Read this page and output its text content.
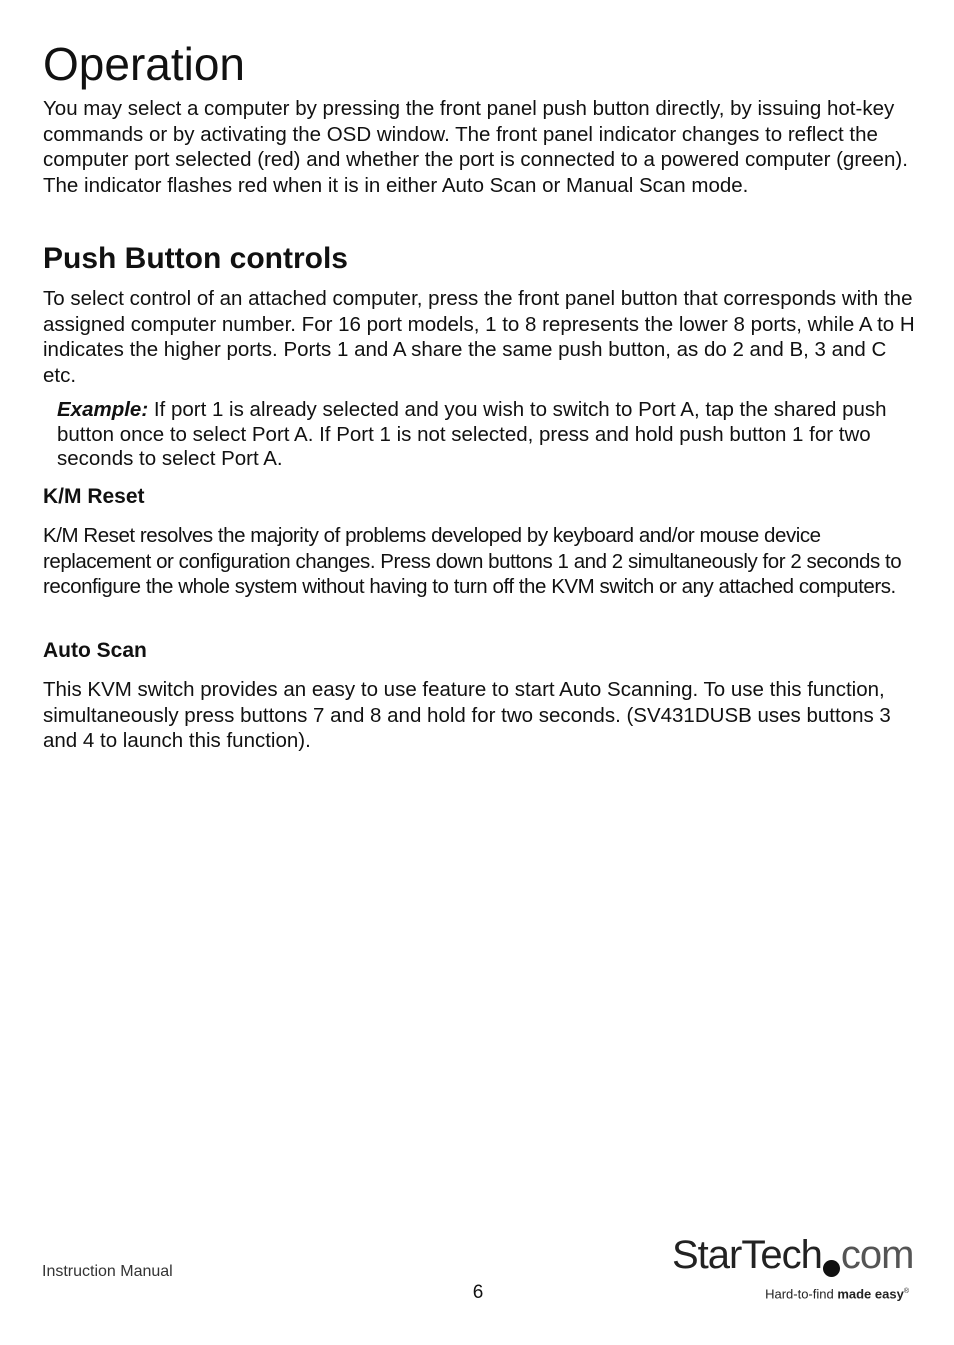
Operation

You may select a computer by pressing the front panel push button directly, by issuing hot-key commands or by activating the OSD window. The front panel indicator changes to reflect the computer port selected (red) and whether the port is connected to a powered computer (green). The indicator flashes red when it is in either Auto Scan or Manual Scan mode.

Push Button controls

To select control of an attached computer, press the front panel button that corresponds with the assigned computer number. For 16 port models, 1 to 8 represents the lower 8 ports, while A to H indicates the higher ports. Ports 1 and A share the same push button, as do 2 and B, 3 and C etc.

Example: If port 1 is already selected and you wish to switch to Port A, tap the shared push button once to select Port A. If Port 1 is not selected, press and hold push button 1 for two seconds to select Port A.

K/M Reset

K/M Reset resolves the majority of problems developed by keyboard and/or mouse device replacement or configuration changes. Press down buttons 1 and 2 simultaneously for 2 seconds to reconfigure the whole system without having to turn off the KVM switch or any attached computers.

Auto Scan

This KVM switch provides an easy to use feature to start Auto Scanning. To use this function, simultaneously press buttons 7 and 8 and hold for two seconds. (SV431DUSB uses buttons 3 and 4 to launch this function).

Instruction Manual
6
StarTech com
Hard-to-find made easy®
